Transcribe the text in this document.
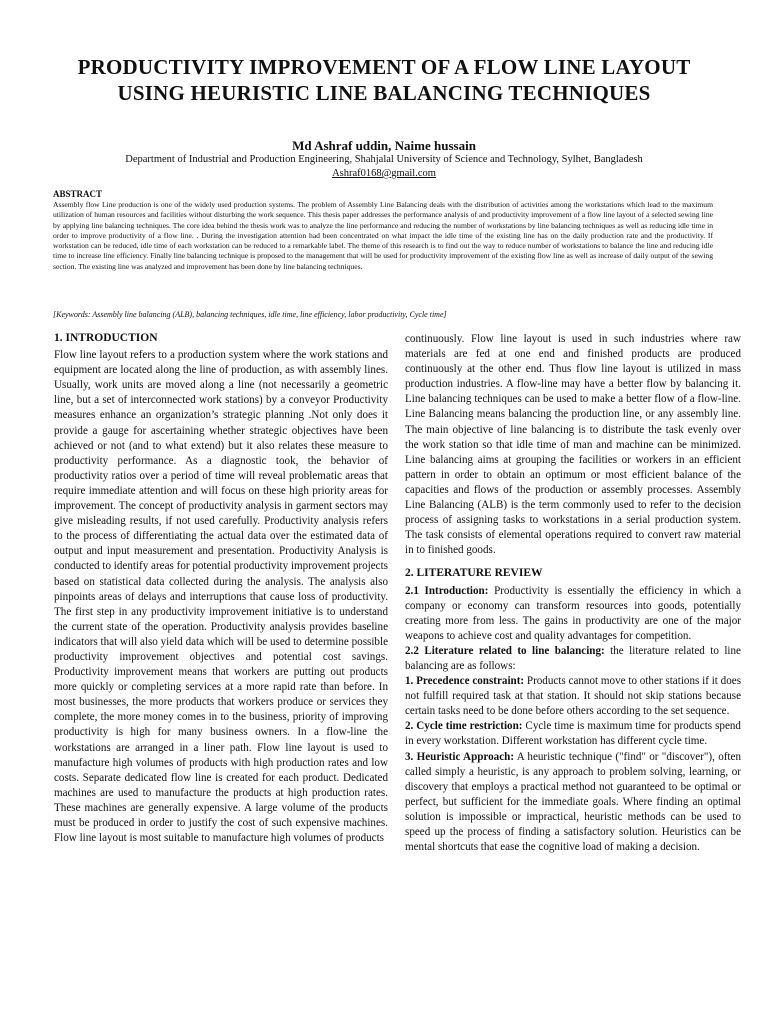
PRODUCTIVITY IMPROVEMENT OF A FLOW LINE LAYOUT USING HEURISTIC LINE BALANCING TECHNIQUES
Md Ashraf uddin, Naime hussain
Department of Industrial and Production Engineering, Shahjalal University of Science and Technology, Sylhet, Bangladesh
Ashraf0168@gmail.com
ABSTRACT
Assembly flow Line production is one of the widely used production systems. The problem of Assembly Line Balancing deals with the distribution of activities among the workstations which lead to the maximum utilization of human resources and facilities without disturbing the work sequence. This thesis paper addresses the performance analysis of and productivity improvement of a flow line layout of a selected sewing line by applying line balancing techniques. The core idea behind the thesis work was to analyze the line performance and reducing the number of workstations by line balancing techniques as well as reducing idle time in order to improve productivity of a flow line. . During the investigation attention had been concentrated on what impact the idle time of the existing line has on the daily production rate and the productivity. If workstation can be reduced, idle time of each workstation can be reduced to a remarkable label. The theme of this research is to find out the way to reduce number of workstations to balance the line and reducing idle time to increase line efficiency. Finally line balancing technique is proposed to the management that will be used for productivity improvement of the existing flow line as well as increase of daily output of the sewing section. The existing line was analyzed and improvement has been done by line balancing techniques.
[Keywords: Assembly line balancing (ALB), balancing techniques, idle time, line efficiency, labor productivity, Cycle time]
1. INTRODUCTION

Flow line layout refers to a production system where the work stations and equipment are located along the line of production, as with assembly lines. Usually, work units are moved along a line (not necessarily a geometric line, but a set of interconnected work stations) by a conveyor Productivity measures enhance an organization’s strategic planning .Not only does it provide a gauge for ascertaining whether strategic objectives have been achieved or not (and to what extend) but it also relates these measure to productivity performance. As a diagnostic took, the behavior of productivity ratios over a period of time will reveal problematic areas that require immediate attention and will focus on these high priority areas for improvement. The concept of productivity analysis in garment sectors may give misleading results, if not used carefully. Productivity analysis refers to the process of differentiating the actual data over the estimated data of output and input measurement and presentation. Productivity Analysis is conducted to identify areas for potential productivity improvement projects based on statistical data collected during the analysis. The analysis also pinpoints areas of delays and interruptions that cause loss of productivity. The first step in any productivity improvement initiative is to understand the current state of the operation. Productivity analysis provides baseline indicators that will also yield data which will be used to determine possible productivity improvement objectives and potential cost savings. Productivity improvement means that workers are putting out products more quickly or completing services at a more rapid rate than before. In most businesses, the more products that workers produce or services they complete, the more money comes in to the business, priority of improving productivity is high for many business owners. In a flow-line the workstations are arranged in a liner path. Flow line layout is used to manufacture high volumes of products with high production rates and low costs. Separate dedicated flow line is created for each product. Dedicated machines are used to manufacture the products at high production rates. These machines are generally expensive. A large volume of the products must be produced in order to justify the cost of such expensive machines. Flow line layout is most suitable to manufacture high volumes of products

continuously. Flow line layout is used in such industries where raw materials are fed at one end and finished products are produced continuously at the other end. Thus flow line layout is utilized in mass production industries. A flow-line may have a better flow by balancing it. Line balancing techniques can be used to make a better flow of a flow-line. Line Balancing means balancing the production line, or any assembly line. The main objective of line balancing is to distribute the task evenly over the work station so that idle time of man and machine can be minimized. Line balancing aims at grouping the facilities or workers in an efficient pattern in order to obtain an optimum or most efficient balance of the capacities and flows of the production or assembly processes. Assembly Line Balancing (ALB) is the term commonly used to refer to the decision process of assigning tasks to workstations in a serial production system. The task consists of elemental operations required to convert raw material in to finished goods.

2. LITERATURE REVIEW

2.1 Introduction: Productivity is essentially the efficiency in which a company or economy can transform resources into goods, potentially creating more from less. The gains in productivity are one of the major weapons to achieve cost and quality advantages for competition.

2.2 Literature related to line balancing: the literature related to line balancing are as follows:

1. Precedence constraint: Products cannot move to other stations if it does not fulfill required task at that station. It should not skip stations because certain tasks need to be done before others according to the set sequence.

2. Cycle time restriction: Cycle time is maximum time for products spend in every workstation. Different workstation has different cycle time.

3. Heuristic Approach: A heuristic technique ("find" or "discover"), often called simply a heuristic, is any approach to problem solving, learning, or discovery that employs a practical method not guaranteed to be optimal or perfect, but sufficient for the immediate goals. Where finding an optimal solution is impossible or impractical, heuristic methods can be used to speed up the process of finding a satisfactory solution. Heuristics can be mental shortcuts that ease the cognitive load of making a decision.
